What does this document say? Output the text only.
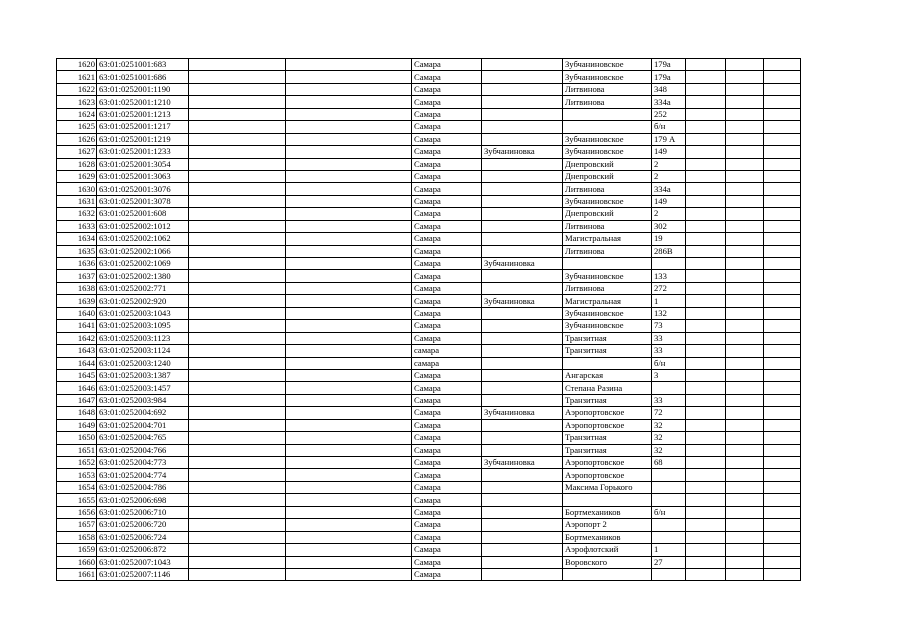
1620	63:01:0251001:683			Самара		Зубчаниновское	179а			
1621	63:01:0251001:686			Самара		Зубчаниновское	179а			
1622	63:01:0252001:1190			Самара		Литвинова	348			
1623	63:01:0252001:1210			Самара		Литвинова	334а			
1624	63:01:0252001:1213			Самара			252			
1625	63:01:0252001:1217			Самара			б/н			
1626	63:01:0252001:1219			Самара		Зубчаниновское	179 А			
1627	63:01:0252001:1233			Самара	Зубчаниновка	Зубчаниновское	149			
1628	63:01:0252001:3054			Самара		Днепровский	2			
1629	63:01:0252001:3063			Самара		Днепровский	2			
1630	63:01:0252001:3076			Самара		Литвинова	334а			
1631	63:01:0252001:3078			Самара		Зубчаниновское	149			
1632	63:01:0252001:608			Самара		Днепровский	2			
1633	63:01:0252002:1012			Самара		Литвинова	302			
1634	63:01:0252002:1062			Самара		Магистральная	19			
1635	63:01:0252002:1066			Самара		Литвинова	286В			
1636	63:01:0252002:1069			Самара	Зубчаниновка					
1637	63:01:0252002:1380			Самара		Зубчаниновское	133			
1638	63:01:0252002:771			Самара		Литвинова	272			
1639	63:01:0252002:920			Самара	Зубчаниновка	Магистральная	1			
1640	63:01:0252003:1043			Самара		Зубчаниновское	132			
1641	63:01:0252003:1095			Самара		Зубчаниновское	73			
1642	63:01:0252003:1123			Самара		Транзитная	33			
1643	63:01:0252003:1124			самара		Транзитная	33			
1644	63:01:0252003:1240			самара			б/н			
1645	63:01:0252003:1387			Самара		Ангарская	3			
1646	63:01:0252003:1457			Самара		Степана Разина				
1647	63:01:0252003:984			Самара		Транзитная	33			
1648	63:01:0252004:692			Самара	Зубчаниновка	Аэропортовское	72			
1649	63:01:0252004:701			Самара		Аэропортовское	32			
1650	63:01:0252004:765			Самара		Транзитная	32			
1651	63:01:0252004:766			Самара		Транзитная	32			
1652	63:01:0252004:773			Самара	Зубчаниновка	Аэропортовское	68			
1653	63:01:0252004:774			Самара		Аэропортовское				
1654	63:01:0252004:786			Самара		Максима Горького				
1655	63:01:0252006:698			Самара						
1656	63:01:0252006:710			Самара		Бортмехаников	б/н			
1657	63:01:0252006:720			Самара		Аэропорт 2				
1658	63:01:0252006:724			Самара		Бортмехаников				
1659	63:01:0252006:872			Самара		Аэрофлотский	1			
1660	63:01:0252007:1043			Самара		Воровского	27			
1661	63:01:0252007:1146			Самара						
